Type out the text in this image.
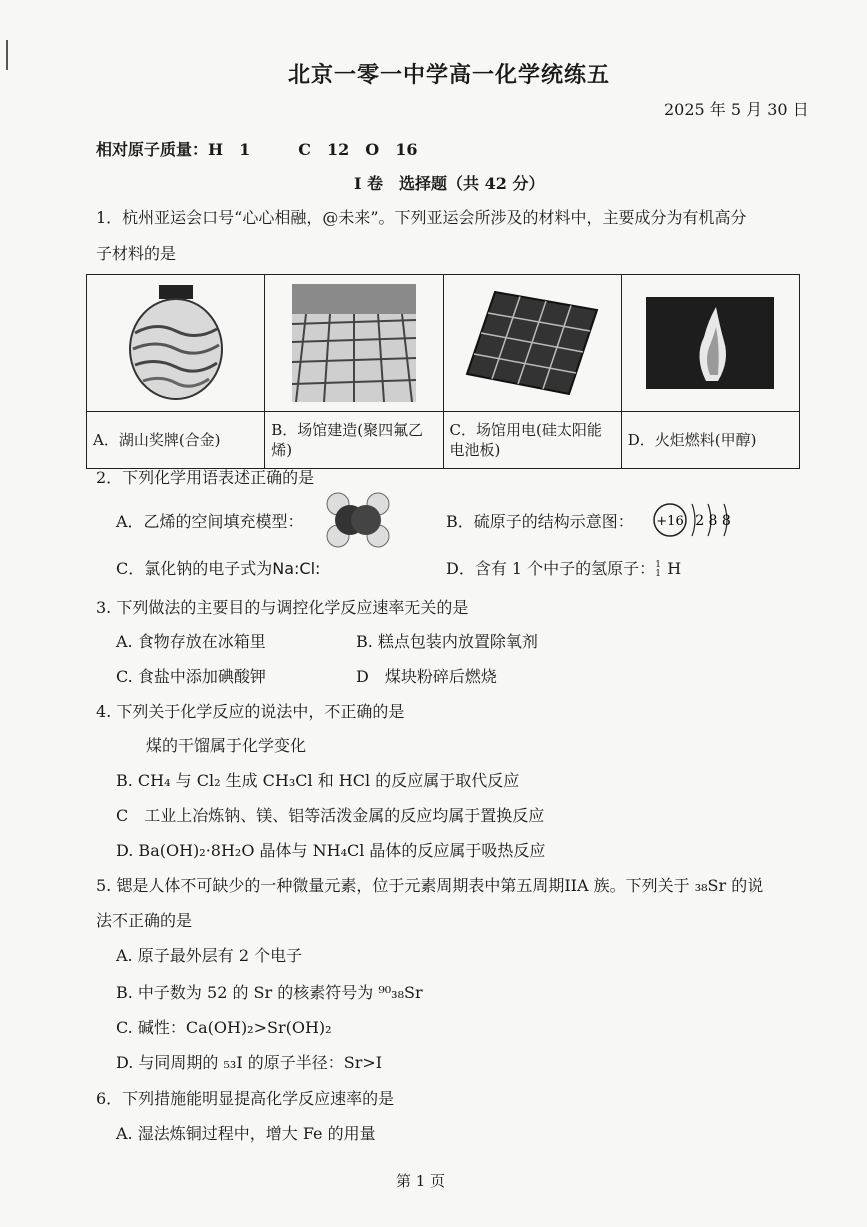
北京一零一中学高一化学统练五
2025 年 5 月 30 日
相对原子质量：H　1　　　C　12　O　16
I 卷　选择题（共 42 分）
1．杭州亚运会口号“心心相融，@未来”。下列亚运会所涉及的材料中，主要成分为有机高分
子材料的是

A．湖山奖牌(合金)	B．场馆建造(聚四氟乙烯)	C．场馆用电(硅太阳能电池板)	D．火炬燃料(甲醇)
2．下列化学用语表述正确的是
A．乙烯的空间填充模型：	B．硫原子的结构示意图： +16 2 8 8
C．氯化钠的电子式为Na:Cl:	D．含有 1 个中子的氢原子： 1
1 H
3. 下列做法的主要目的与调控化学反应速率无关的是
A. 食物存放在冰箱里	B. 糕点包装内放置除氧剂
C. 食盐中添加碘酸钾	D　煤块粉碎后燃烧
4. 下列关于化学反应的说法中，不正确的是
煤的干馏属于化学变化
B. CH₄ 与 Cl₂ 生成 CH₃Cl 和 HCl 的反应属于取代反应
C　工业上冶炼钠、镁、铝等活泼金属的反应均属于置换反应
D. Ba(OH)₂·8H₂O 晶体与 NH₄Cl 晶体的反应属于吸热反应
5. 锶是人体不可缺少的一种微量元素，位于元素周期表中第五周期IIA 族。下列关于 ₃₈Sr 的说
法不正确的是
A. 原子最外层有 2 个电子
B. 中子数为 52 的 Sr 的核素符号为 ⁹⁰₃₈Sr
C. 碱性：Ca(OH)₂>Sr(OH)₂
D. 与同周期的 ₅₃I 的原子半径：Sr>I
6．下列措施能明显提高化学反应速率的是
A. 湿法炼铜过程中，增大 Fe 的用量
第 1 页
